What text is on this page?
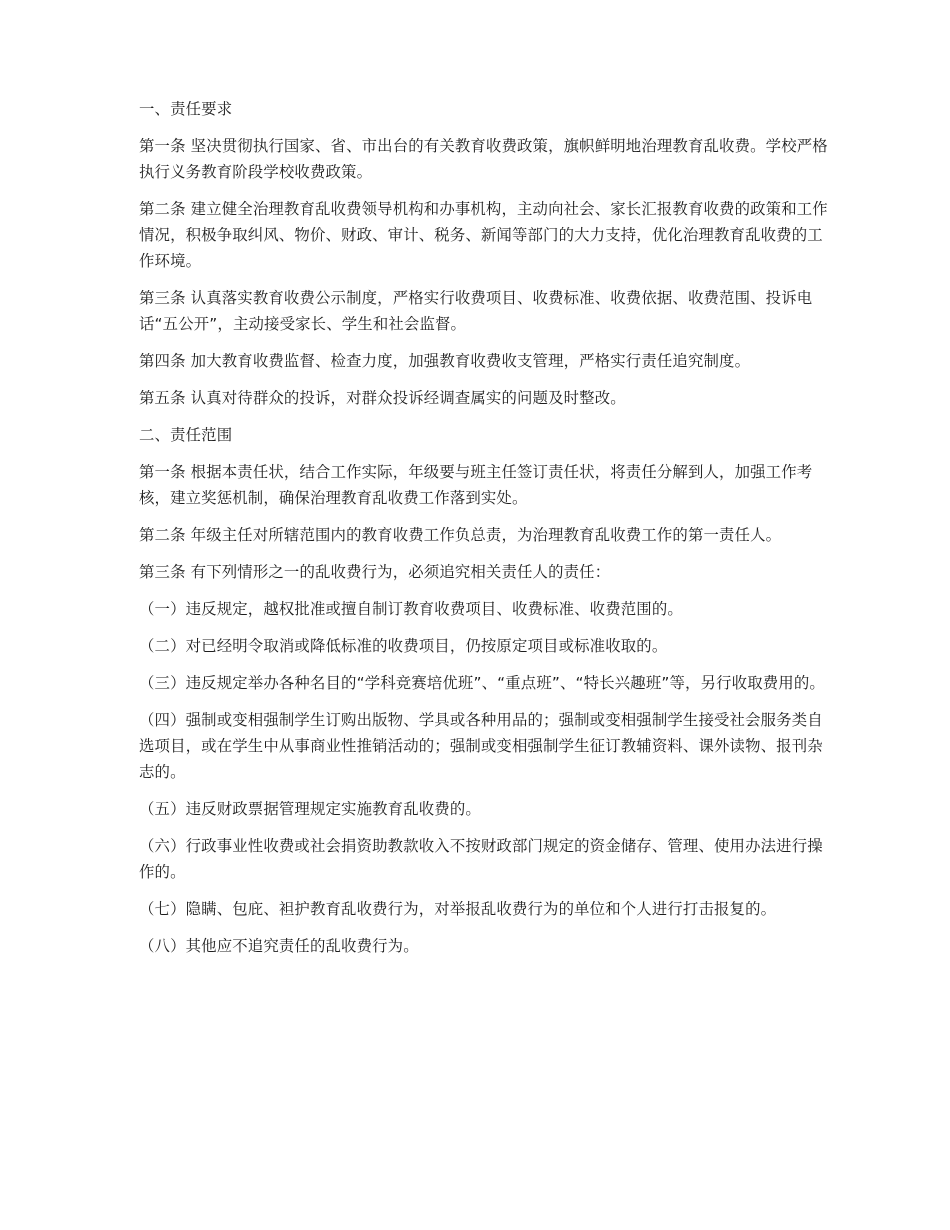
一、责任要求

第一条 坚决贯彻执行国家、省、市出台的有关教育收费政策，旗帜鲜明地治理教育乱收费。学校严格执行义务教育阶段学校收费政策。

第二条 建立健全治理教育乱收费领导机构和办事机构，主动向社会、家长汇报教育收费的政策和工作情况，积极争取纠风、物价、财政、审计、税务、新闻等部门的大力支持，优化治理教育乱收费的工作环境。

第三条 认真落实教育收费公示制度，严格实行收费项目、收费标准、收费依据、收费范围、投诉电话“五公开”，主动接受家长、学生和社会监督。

第四条 加大教育收费监督、检查力度，加强教育收费收支管理，严格实行责任追究制度。

第五条 认真对待群众的投诉，对群众投诉经调查属实的问题及时整改。

二、责任范围

第一条 根据本责任状，结合工作实际，年级要与班主任签订责任状，将责任分解到人，加强工作考核，建立奖惩机制，确保治理教育乱收费工作落到实处。

第二条 年级主任对所辖范围内的教育收费工作负总责，为治理教育乱收费工作的第一责任人。

第三条 有下列情形之一的乱收费行为，必须追究相关责任人的责任：

（一）违反规定，越权批准或擅自制订教育收费项目、收费标准、收费范围的。

（二）对已经明令取消或降低标准的收费项目，仍按原定项目或标准收取的。

（三）违反规定举办各种名目的“学科竞赛培优班”、“重点班”、“特长兴趣班”等，另行收取费用的。

（四）强制或变相强制学生订购出版物、学具或各种用品的；强制或变相强制学生接受社会服务类自选项目，或在学生中从事商业性推销活动的；强制或变相强制学生征订教辅资料、课外读物、报刊杂志的。

（五）违反财政票据管理规定实施教育乱收费的。

（六）行政事业性收费或社会捐资助教款收入不按财政部门规定的资金储存、管理、使用办法进行操作的。

（七）隐瞒、包庇、袒护教育乱收费行为，对举报乱收费行为的单位和个人进行打击报复的。

（八）其他应不追究责任的乱收费行为。
